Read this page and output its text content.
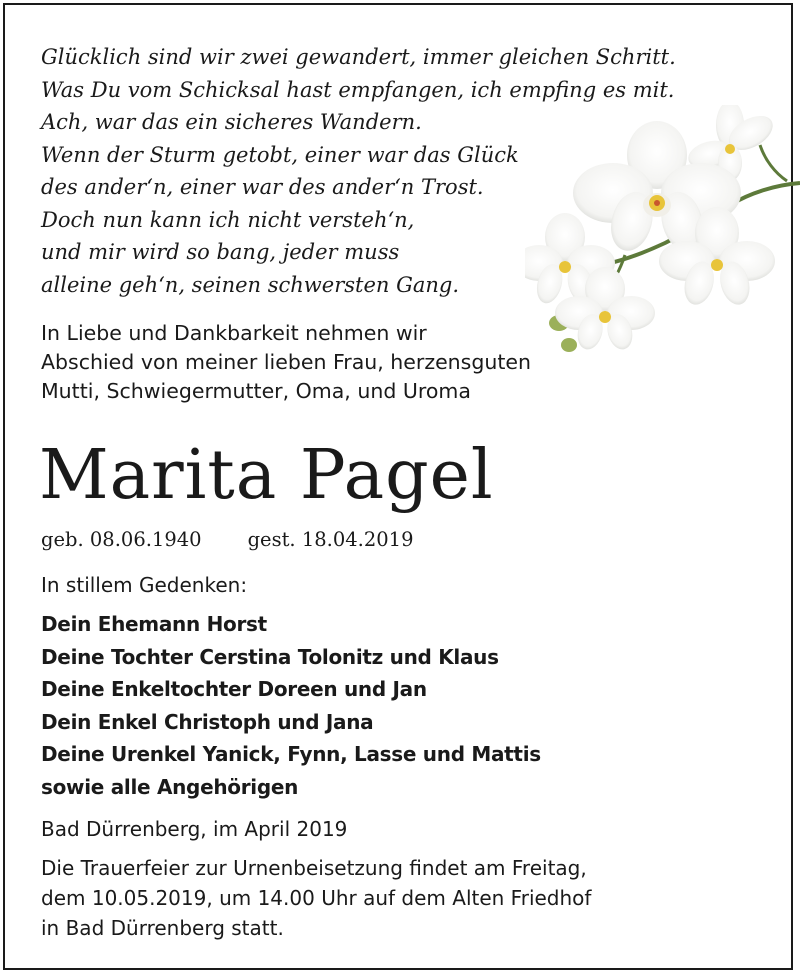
Glücklich sind wir zwei gewandert, immer gleichen Schritt.
Was Du vom Schicksal hast empfangen, ich empfing es mit.
Ach, war das ein sicheres Wandern.
Wenn der Sturm getobt, einer war das Glück
des ander‘n, einer war des ander‘n Trost.
Doch nun kann ich nicht versteh‘n,
und mir wird so bang, jeder muss
alleine geh‘n, seinen schwersten Gang.
In Liebe und Dankbarkeit nehmen wir
Abschied von meiner lieben Frau, herzensguten
Mutti, Schwiegermutter, Oma, und Uroma
Marita Pagel
geb. 08.06.1940 gest. 18.04.2019
In stillem Gedenken:
Dein Ehemann Horst
Deine Tochter Cerstina Tolonitz und Klaus
Deine Enkeltochter Doreen und Jan
Dein Enkel Christoph und Jana
Deine Urenkel Yanick, Fynn, Lasse und Mattis
sowie alle Angehörigen
Bad Dürrenberg, im April 2019
Die Trauerfeier zur Urnenbeisetzung findet am Freitag,
dem 10.05.2019, um 14.00 Uhr auf dem Alten Friedhof
in Bad Dürrenberg statt.
